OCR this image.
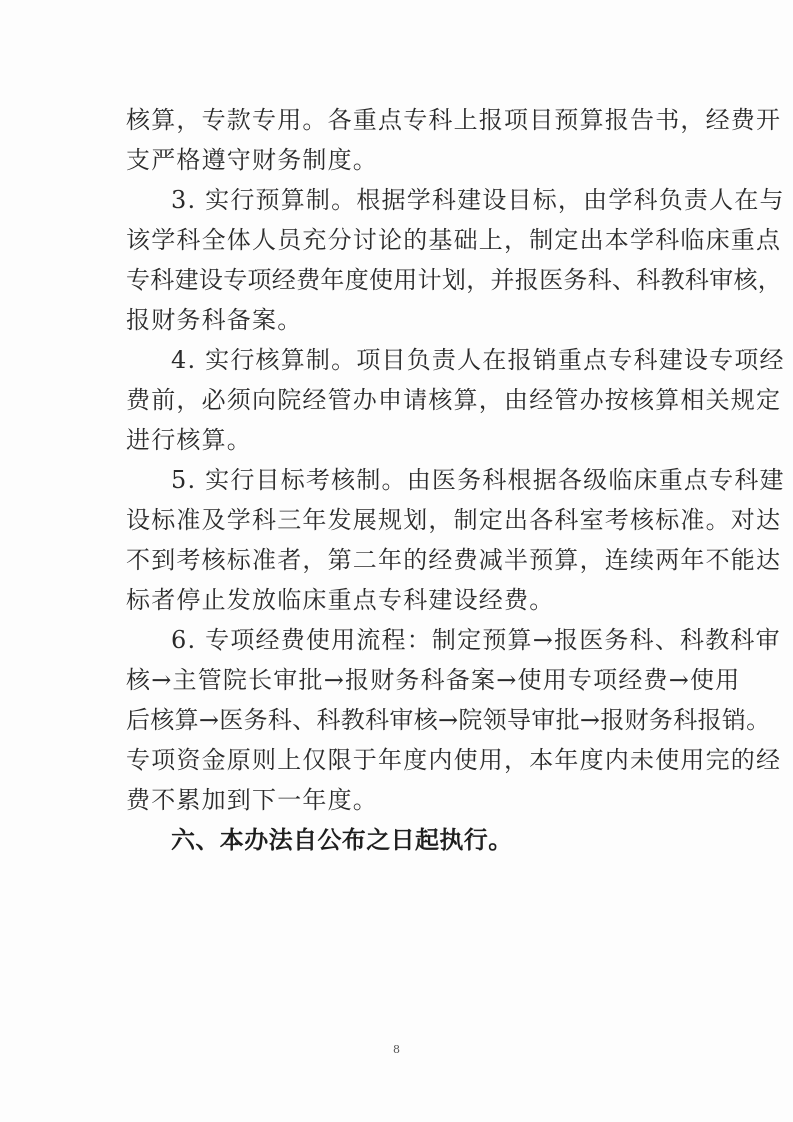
核算，专款专用。各重点专科上报项目预算报告书，经费开

支严格遵守财务制度。

3. 实行预算制。根据学科建设目标，由学科负责人在与

该学科全体人员充分讨论的基础上，制定出本学科临床重点

专科建设专项经费年度使用计划，并报医务科、科教科审核，

报财务科备案。

4. 实行核算制。项目负责人在报销重点专科建设专项经

费前，必须向院经管办申请核算，由经管办按核算相关规定

进行核算。

5. 实行目标考核制。由医务科根据各级临床重点专科建

设标准及学科三年发展规划，制定出各科室考核标准。对达

不到考核标准者，第二年的经费减半预算，连续两年不能达

标者停止发放临床重点专科建设经费。

6. 专项经费使用流程：制定预算→报医务科、科教科审

核→主管院长审批→报财务科备案→使用专项经费→使用

后核算→医务科、科教科审核→院领导审批→报财务科报销。

专项资金原则上仅限于年度内使用，本年度内未使用完的经

费不累加到下一年度。

六、本办法自公布之日起执行。

8
